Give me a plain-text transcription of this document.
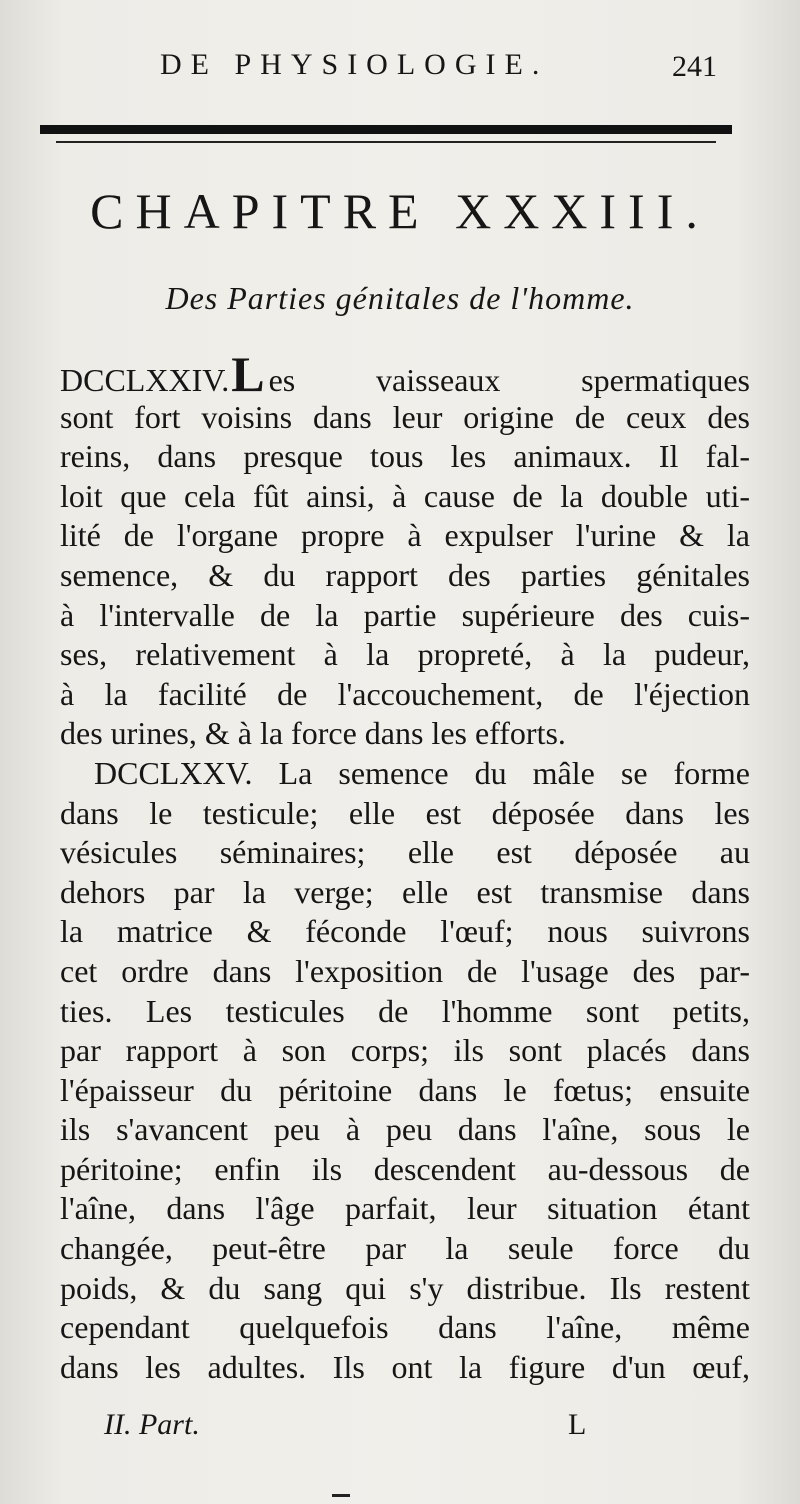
DE PHYSIOLOGIE.	241
CHAPITRE XXXIII.
Des Parties génitales de l'homme.
DCCLXXIV.L es vaisseaux spermatiques
sont fort voisins dans leur origine de ceux des
reins, dans presque tous les animaux. Il fal-
loit que cela fût ainsi, à cause de la double uti-
lité de l'organe propre à expulser l'urine & la
semence, & du rapport des parties génitales
à l'intervalle de la partie supérieure des cuis-
ses, relativement à la propreté, à la pudeur,
à la facilité de l'accouchement, de l'éjection
des urines, & à la force dans les efforts.
DCCLXXV. La semence du mâle se forme
dans le testicule; elle est déposée dans les
vésicules séminaires; elle est déposée au
dehors par la verge; elle est transmise dans
la matrice & féconde l'œuf; nous suivrons
cet ordre dans l'exposition de l'usage des par-
ties. Les testicules de l'homme sont petits,
par rapport à son corps; ils sont placés dans
l'épaisseur du péritoine dans le fœtus; ensuite
ils s'avancent peu à peu dans l'aîne, sous le
péritoine; enfin ils descendent au-dessous de
l'aîne, dans l'âge parfait, leur situation étant
changée, peut-être par la seule force du
poids, & du sang qui s'y distribue. Ils restent
cependant quelquefois dans l'aîne, même
dans les adultes. Ils ont la figure d'un œuf,
II. Part.	L
